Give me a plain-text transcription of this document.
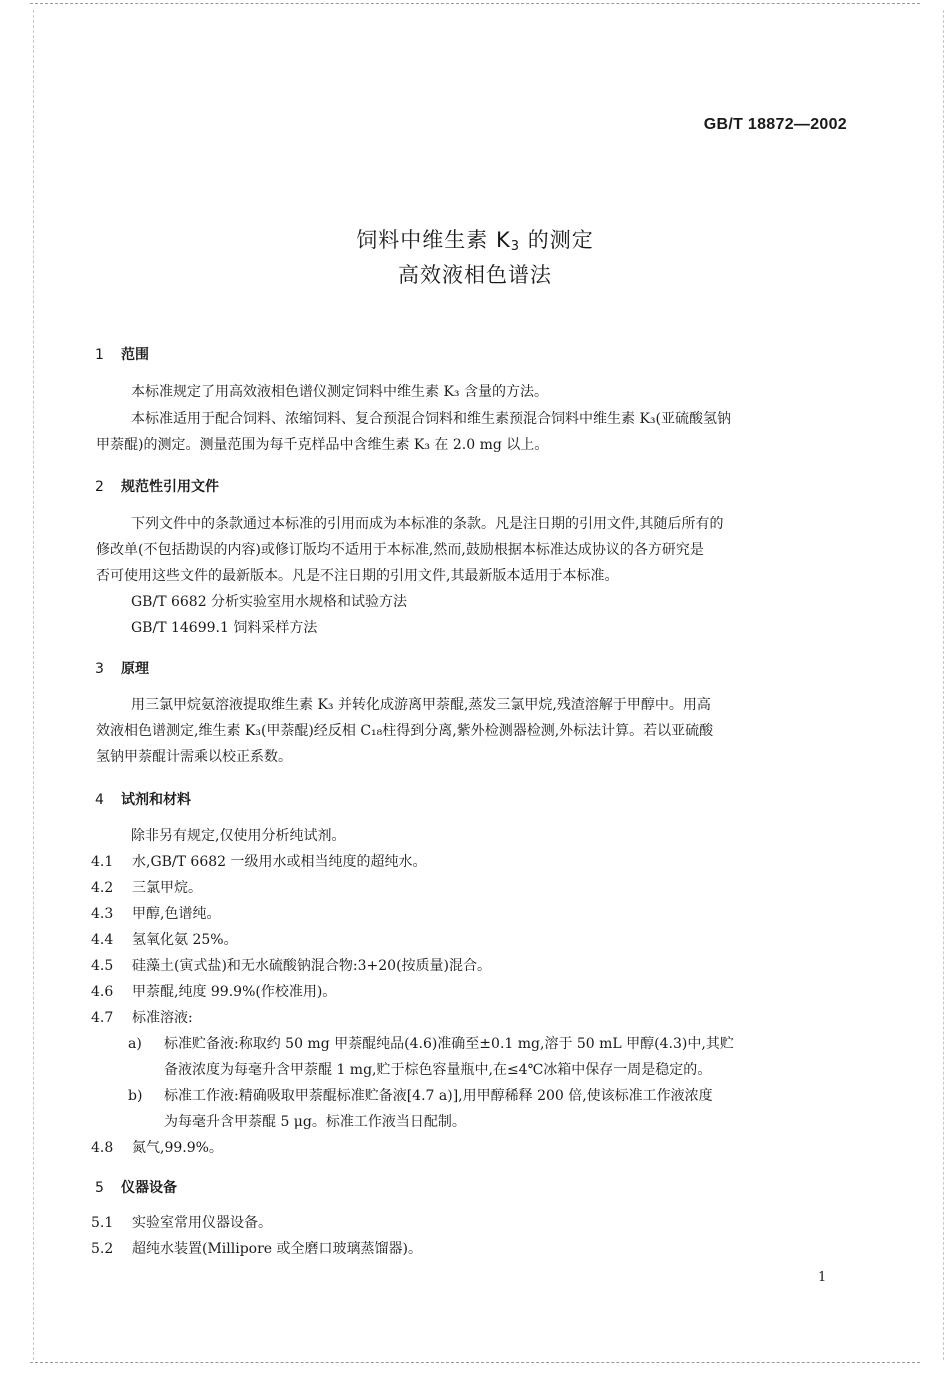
GB/T 18872—2002
饲料中维生素 $K_3$ 的测定
高效液相色谱法
1 范围
本标准规定了用高效液相色谱仪测定饲料中维生素 K₃ 含量的方法。
本标准适用于配合饲料、浓缩饲料、复合预混合饲料和维生素预混合饲料中维生素 K₃(亚硫酸氢钠
甲萘醌)的测定。测量范围为每千克样品中含维生素 K₃ 在 2.0 mg 以上。
2 规范性引用文件
下列文件中的条款通过本标准的引用而成为本标准的条款。凡是注日期的引用文件,其随后所有的
修改单(不包括勘误的内容)或修订版均不适用于本标准,然而,鼓励根据本标准达成协议的各方研究是
否可使用这些文件的最新版本。凡是不注日期的引用文件,其最新版本适用于本标准。
GB/T 6682 分析实验室用水规格和试验方法
GB/T 14699.1 饲料采样方法
3 原理
用三氯甲烷氨溶液提取维生素 K₃ 并转化成游离甲萘醌,蒸发三氯甲烷,残渣溶解于甲醇中。用高
效液相色谱测定,维生素 K₃(甲萘醌)经反相 C₁₈柱得到分离,紫外检测器检测,外标法计算。若以亚硫酸
氢钠甲萘醌计需乘以校正系数。
4 试剂和材料
除非另有规定,仅使用分析纯试剂。
4.1 水,GB/T 6682 一级用水或相当纯度的超纯水。
4.2 三氯甲烷。
4.3 甲醇,色谱纯。
4.4 氢氧化氨 25%。
4.5 硅藻土(寅式盐)和无水硫酸钠混合物:3+20(按质量)混合。
4.6 甲萘醌,纯度 99.9%(作校准用)。
4.7 标准溶液:
a) 标准贮备液:称取约 50 mg 甲萘醌纯品(4.6)准确至±0.1 mg,溶于 50 mL 甲醇(4.3)中,其贮
备液浓度为每毫升含甲萘醌 1 mg,贮于棕色容量瓶中,在≤4℃冰箱中保存一周是稳定的。
b) 标准工作液:精确吸取甲萘醌标准贮备液[4.7 a)],用甲醇稀释 200 倍,使该标准工作液浓度
为每毫升含甲萘醌 5 μg。标准工作液当日配制。
4.8 氮气,99.9%。
5 仪器设备
5.1 实验室常用仪器设备。
5.2 超纯水装置(Millipore 或全磨口玻璃蒸馏器)。
1
